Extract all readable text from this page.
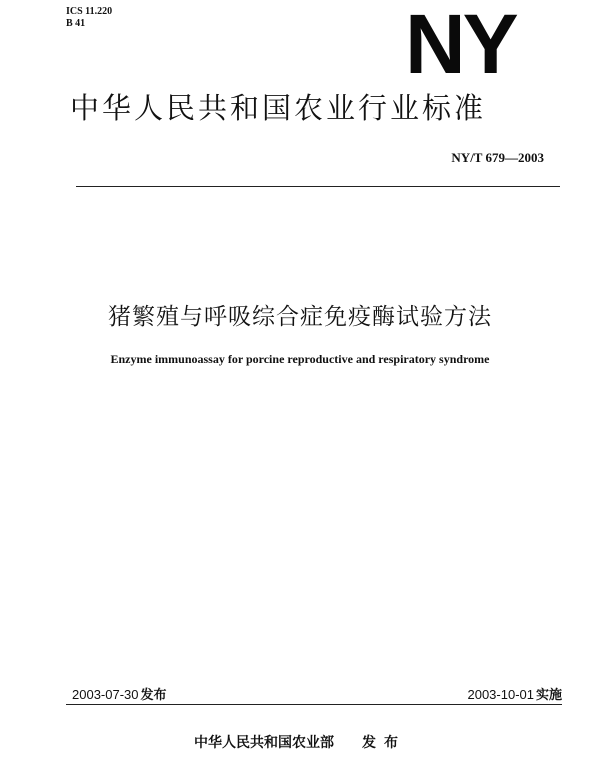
ICS 11.220
B 41	NY
中华人民共和国农业行业标准
NY/T 679—2003
猪繁殖与呼吸综合症免疫酶试验方法
Enzyme immunoassay for porcine reproductive and respiratory syndrome
2003-07-30 发布	2003-10-01 实施
中华人民共和国农业部 发布
